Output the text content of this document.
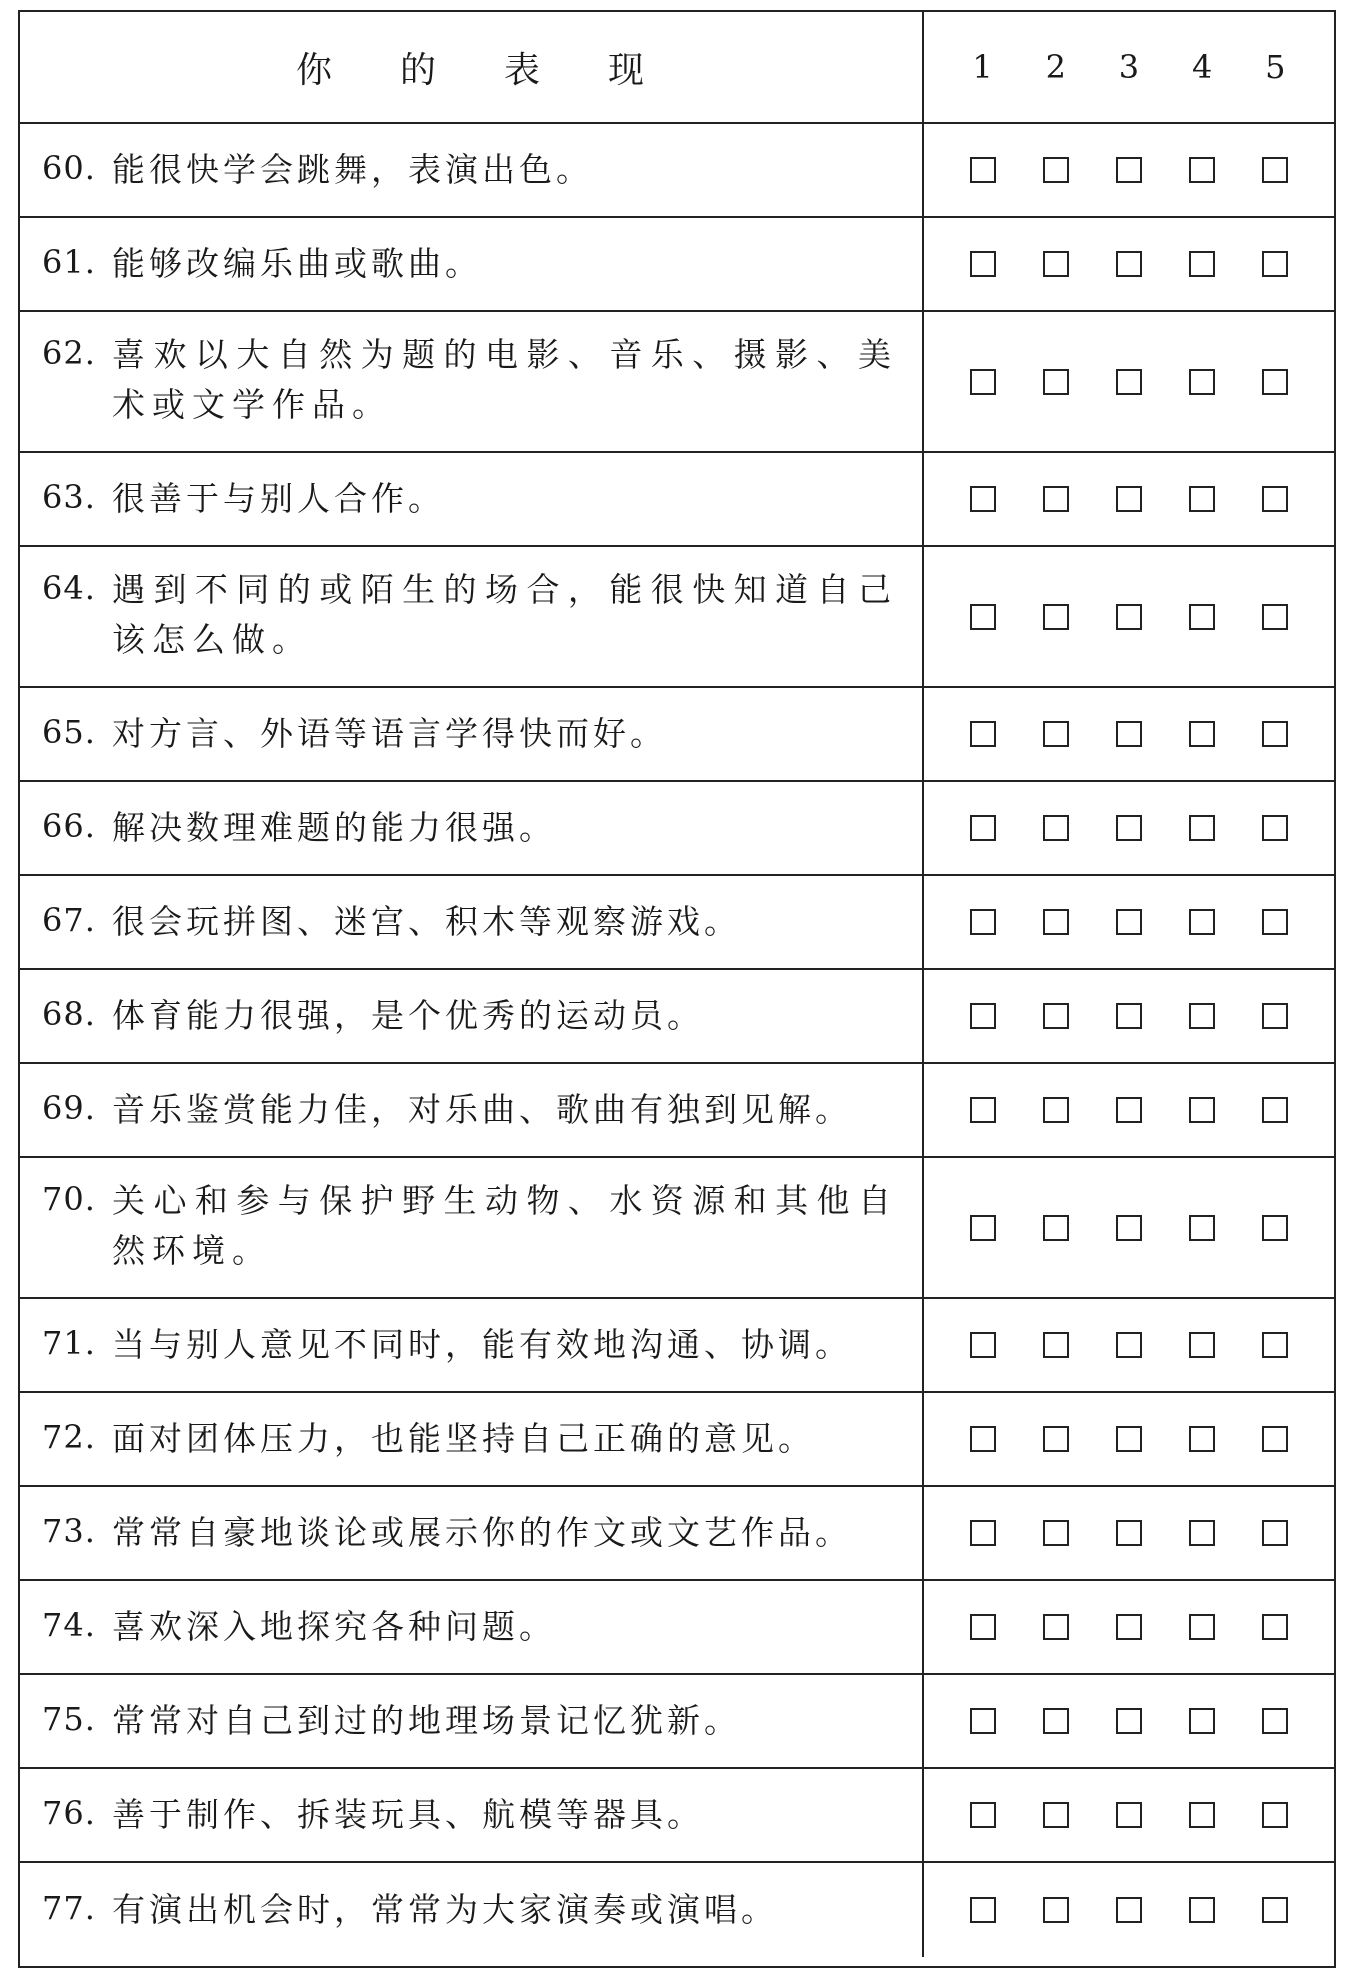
你的表现	1 2 3 4 5
60. 能很快学会跳舞，表演出色。
61. 能够改编乐曲或歌曲。
62. 喜欢以大自然为题的电影、音乐、摄影、美术或文学作品。
63. 很善于与别人合作。
64. 遇到不同的或陌生的场合，能很快知道自己该怎么做。
65. 对方言、外语等语言学得快而好。
66. 解决数理难题的能力很强。
67. 很会玩拼图、迷宫、积木等观察游戏。
68. 体育能力很强，是个优秀的运动员。
69. 音乐鉴赏能力佳，对乐曲、歌曲有独到见解。
70. 关心和参与保护野生动物、水资源和其他自然环境。
71. 当与别人意见不同时，能有效地沟通、协调。
72. 面对团体压力，也能坚持自己正确的意见。
73. 常常自豪地谈论或展示你的作文或文艺作品。
74. 喜欢深入地探究各种问题。
75. 常常对自己到过的地理场景记忆犹新。
76. 善于制作、拆装玩具、航模等器具。
77. 有演出机会时，常常为大家演奏或演唱。
